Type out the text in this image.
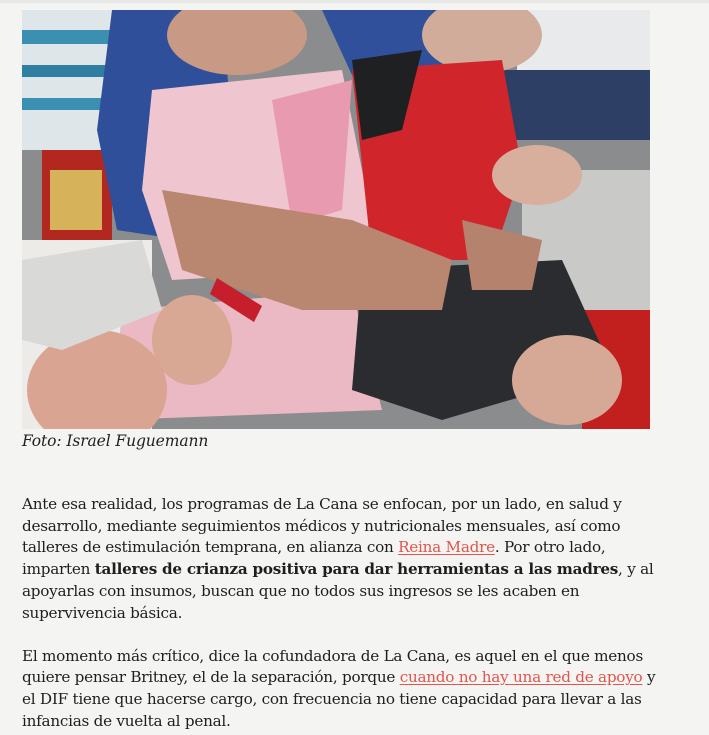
Foto: Israel Fuguemann

Ante esa realidad, los programas de La Cana se enfocan, por un lado, en salud y desarrollo, mediante seguimientos médicos y nutricionales mensuales, así como talleres de estimulación temprana, en alianza con Reina Madre. Por otro lado, imparten talleres de crianza positiva para dar herramientas a las madres, y al apoyarlas con insumos, buscan que no todos sus ingresos se les acaben en supervivencia básica.

El momento más crítico, dice la cofundadora de La Cana, es aquel en el que menos quiere pensar Britney, el de la separación, porque cuando no hay una red de apoyo y el DIF tiene que hacerse cargo, con frecuencia no tiene capacidad para llevar a las infancias de vuelta al penal.
